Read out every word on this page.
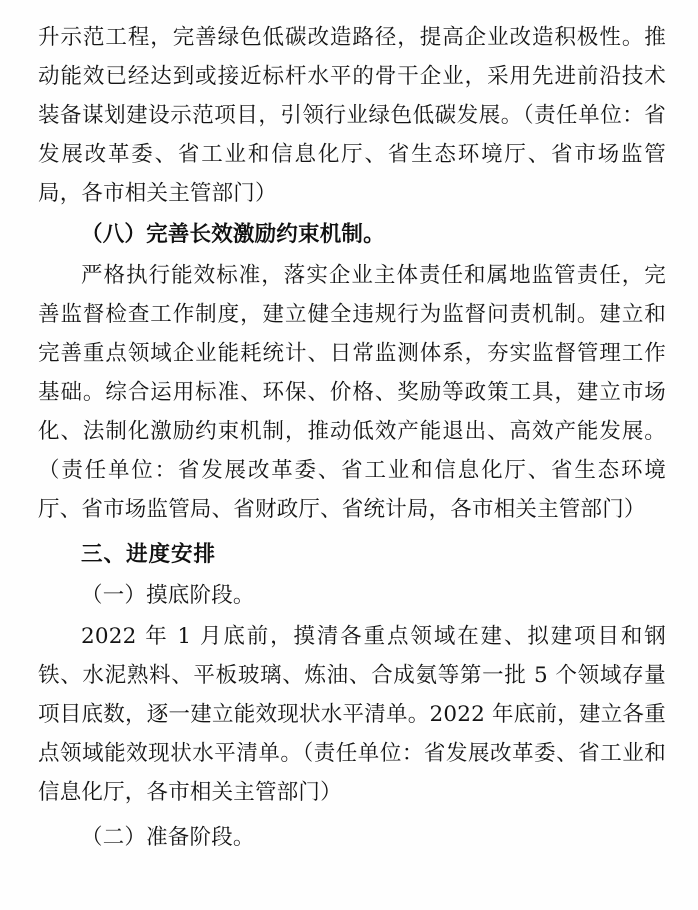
升示范工程，完善绿色低碳改造路径，提高企业改造积极性。推动能效已经达到或接近标杆水平的骨干企业，采用先进前沿技术装备谋划建设示范项目，引领行业绿色低碳发展。（责任单位：省发展改革委、省工业和信息化厅、省生态环境厅、省市场监管局，各市相关主管部门）

（八）完善长效激励约束机制。

严格执行能效标准，落实企业主体责任和属地监管责任，完善监督检查工作制度，建立健全违规行为监督问责机制。建立和完善重点领域企业能耗统计、日常监测体系，夯实监督管理工作基础。综合运用标准、环保、价格、奖励等政策工具，建立市场化、法制化激励约束机制，推动低效产能退出、高效产能发展。（责任单位：省发展改革委、省工业和信息化厅、省生态环境厅、省市场监管局、省财政厅、省统计局，各市相关主管部门）

三、进度安排

（一）摸底阶段。

2022 年 1 月底前，摸清各重点领域在建、拟建项目和钢铁、水泥熟料、平板玻璃、炼油、合成氨等第一批 5 个领域存量项目底数，逐一建立能效现状水平清单。2022 年底前，建立各重点领域能效现状水平清单。（责任单位：省发展改革委、省工业和信息化厅，各市相关主管部门）

（二）准备阶段。
